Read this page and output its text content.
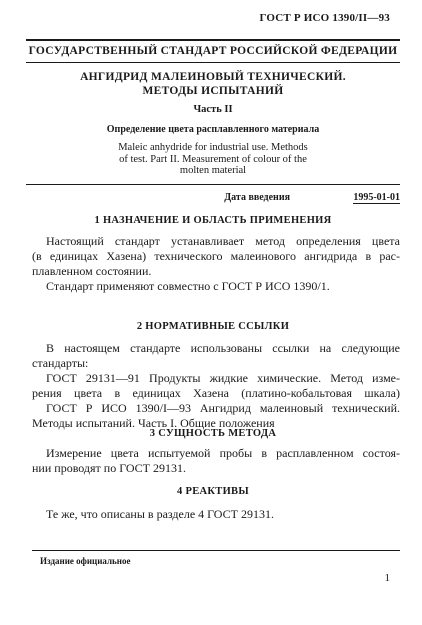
ГОСТ Р ИСО 1390/II—93
ГОСУДАРСТВЕННЫЙ СТАНДАРТ РОССИЙСКОЙ ФЕДЕРАЦИИ
АНГИДРИД МАЛЕИНОВЫЙ ТЕХНИЧЕСКИЙ.
МЕТОДЫ ИСПЫТАНИЙ
Часть II
Определение цвета расплавленного материала
Maleic anhydride for industrial use. Methods
of test. Part II. Measurement of colour of the
molten material
Дата введения	1995-01-01
1 НАЗНАЧЕНИЕ И ОБЛАСТЬ ПРИМЕНЕНИЯ
Настоящий стандарт устанавливает метод определения цвета
(в единицах Хазена) технического малеинового ангидрида в рас-
плавленном состоянии.
Стандарт применяют совместно с ГОСТ Р ИСО 1390/1.
2 НОРМАТИВНЫЕ ССЫЛКИ
В настоящем стандарте использованы ссылки на следующие
стандарты:
ГОСТ 29131—91 Продукты жидкие химические. Метод изме-
рения цвета в единицах Хазена (платино-кобальтовая шкала)
ГОСТ Р ИСО 1390/I—93 Ангидрид малеиновый технический.
Методы испытаний. Часть I. Общие положения
3 СУЩНОСТЬ МЕТОДА
Измерение цвета испытуемой пробы в расплавленном состоя-
нии проводят по ГОСТ 29131.
4 РЕАКТИВЫ
Те же, что описаны в разделе 4 ГОСТ 29131.
Издание официальное
1
